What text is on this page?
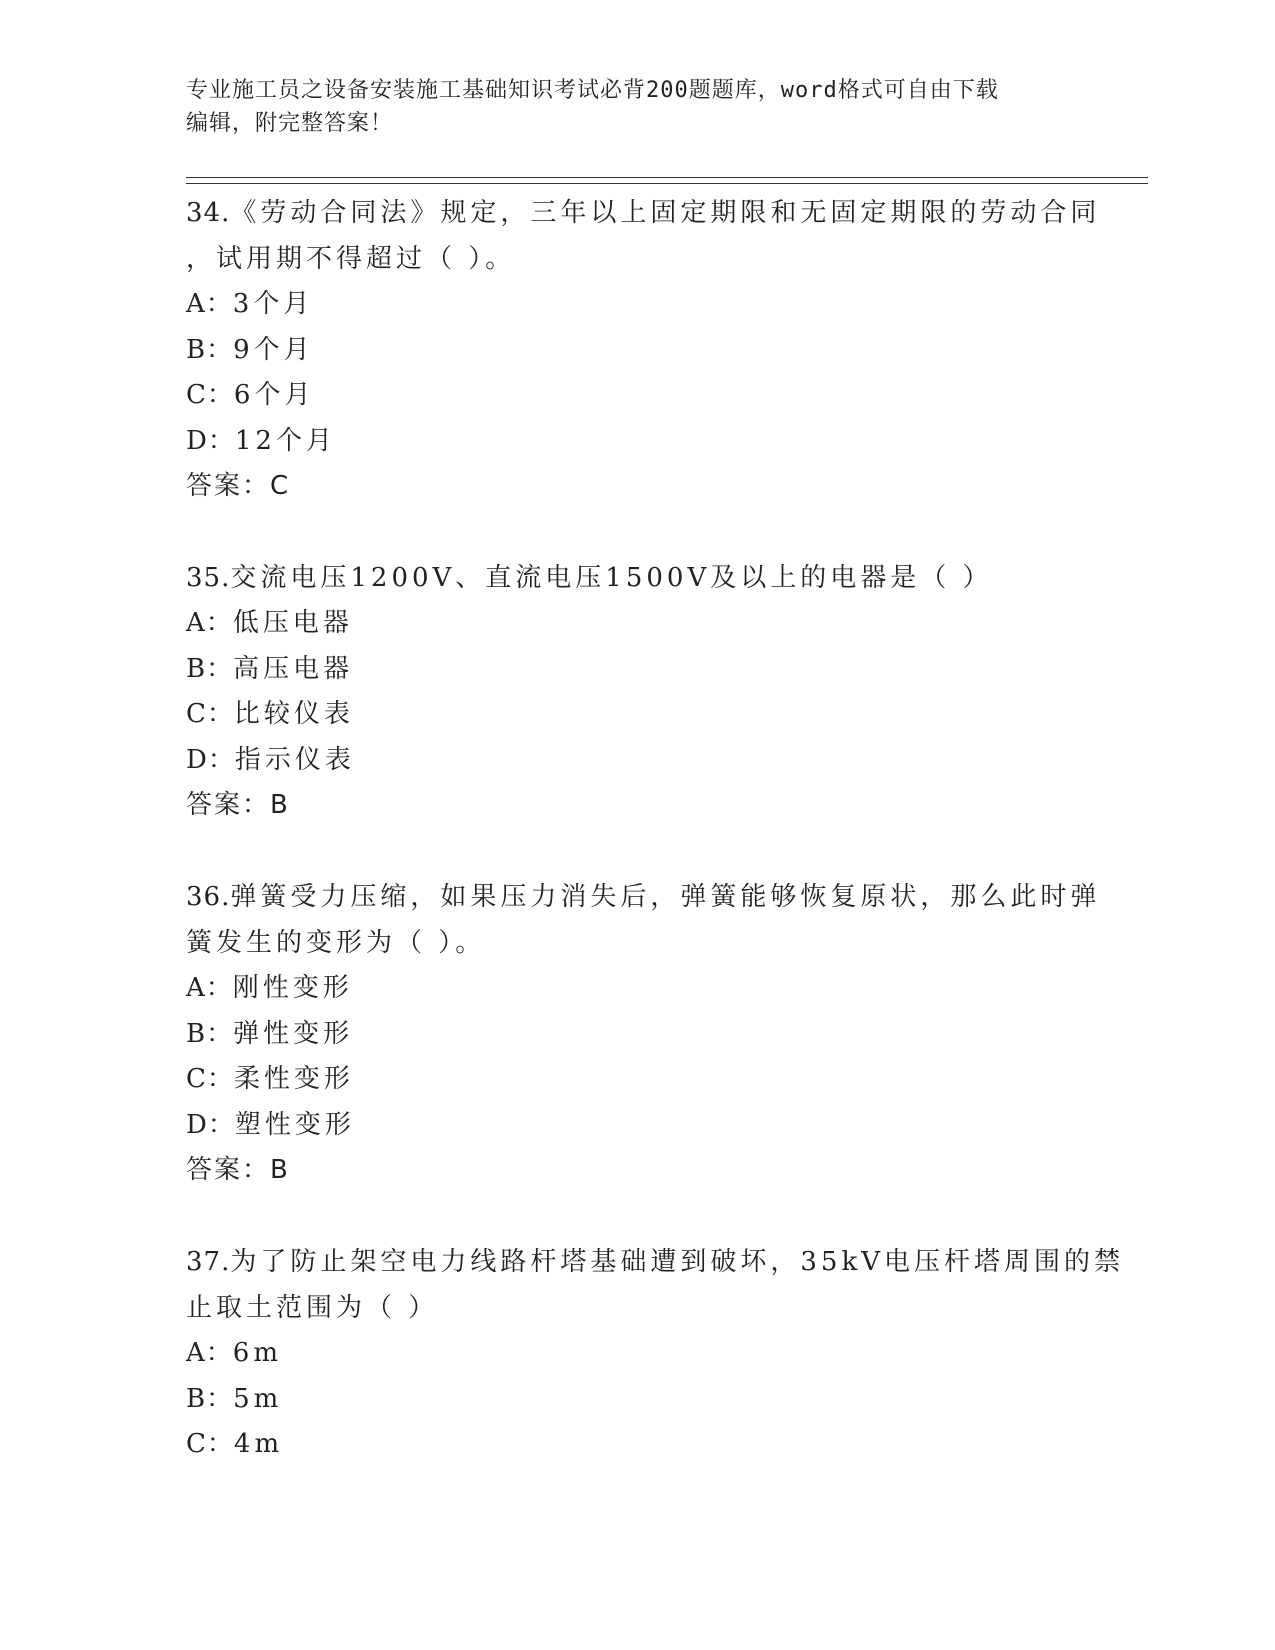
专业施工员之设备安装施工基础知识考试必背200题题库，word格式可自由下载
编辑，附完整答案！
34.《劳动合同法》规定，三年以上固定期限和无固定期限的劳动合同
，试用期不得超过（ ）。
A：3个月
B：9个月
C：6个月
D：12个月
答案：C
35.交流电压1200V、直流电压1500V及以上的电器是（ ）
A：低压电器
B：高压电器
C：比较仪表
D：指示仪表
答案：B
36.弹簧受力压缩，如果压力消失后，弹簧能够恢复原状，那么此时弹
簧发生的变形为（ ）。
A：刚性变形
B：弹性变形
C：柔性变形
D：塑性变形
答案：B
37.为了防止架空电力线路杆塔基础遭到破坏，35kV电压杆塔周围的禁
止取土范围为（ ）
A：6m
B：5m
C：4m
